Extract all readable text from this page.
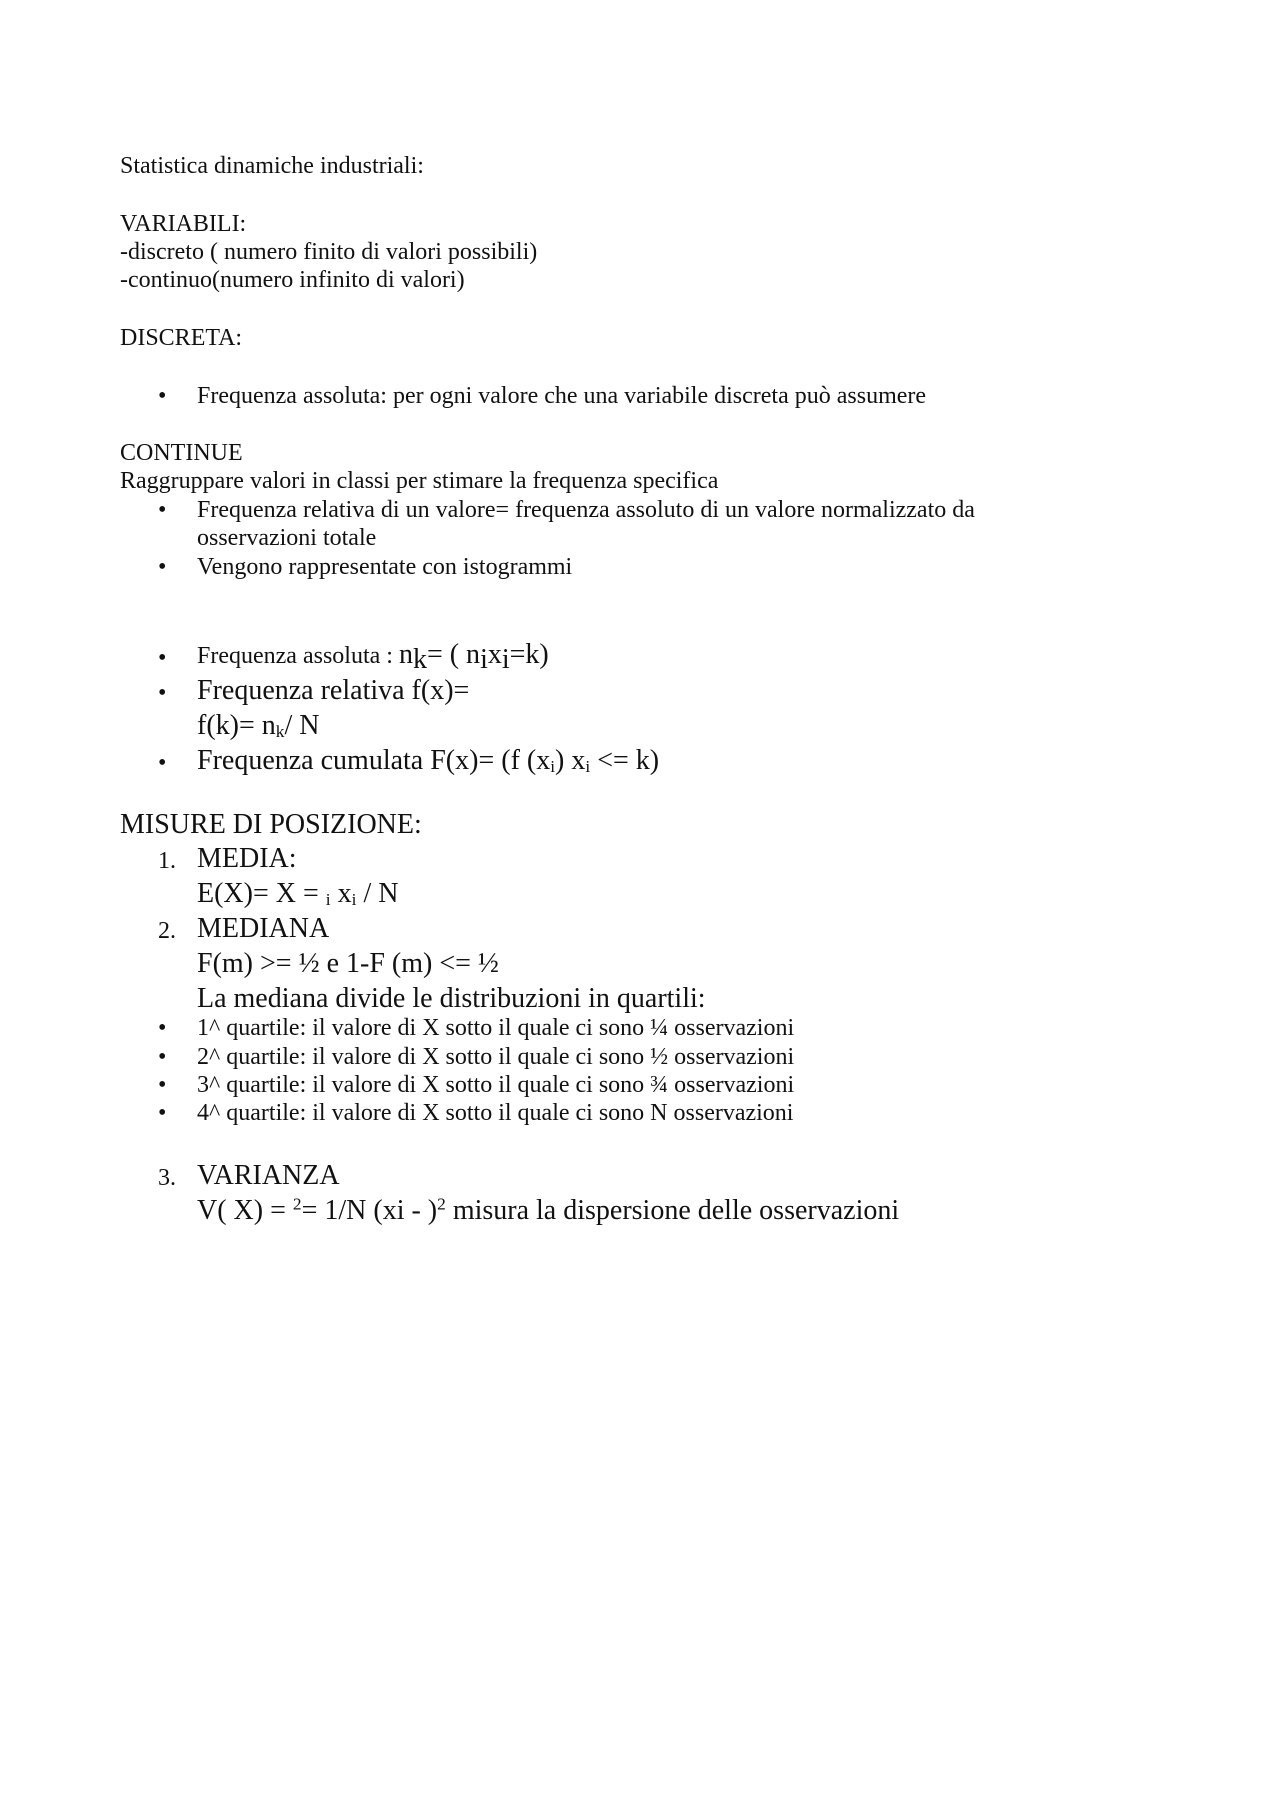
Statistica dinamiche industriali:
VARIABILI:
-discreto ( numero finito di valori possibili)
-continuo(numero infinito di valori)
DISCRETA:
• Frequenza assoluta: per ogni valore che una variabile discreta può assumere
CONTINUE
Raggruppare valori in classi per stimare la frequenza specifica
• Frequenza relativa di un valore= frequenza assoluto di un valore normalizzato da
osservazioni totale
• Vengono rappresentate con istogrammi
• Frequenza assoluta : $n_k=$ ( $n_ix_i=k$)
• Frequenza relativa f(x)=
$f(k)= n_k/$ N
• Frequenza cumulata F(x)= (f $(x_i) x_i <= k$)
MISURE DI POSIZIONE:
1. MEDIA:
E(X)= X = $_i$ $x_i$ / N
2. MEDIANA
F(m) >= ½ e 1-F (m) <= ½
La mediana divide le distribuzioni in quartili:
• 1^ quartile: il valore di X sotto il quale ci sono ¼ osservazioni
• 2^ quartile: il valore di X sotto il quale ci sono ½ osservazioni
• 3^ quartile: il valore di X sotto il quale ci sono ¾ osservazioni
• 4^ quartile: il valore di X sotto il quale ci sono N osservazioni
3. VARIANZA
V( X) = $^2$= 1/N (xi - )$^2$ misura la dispersione delle osservazioni
